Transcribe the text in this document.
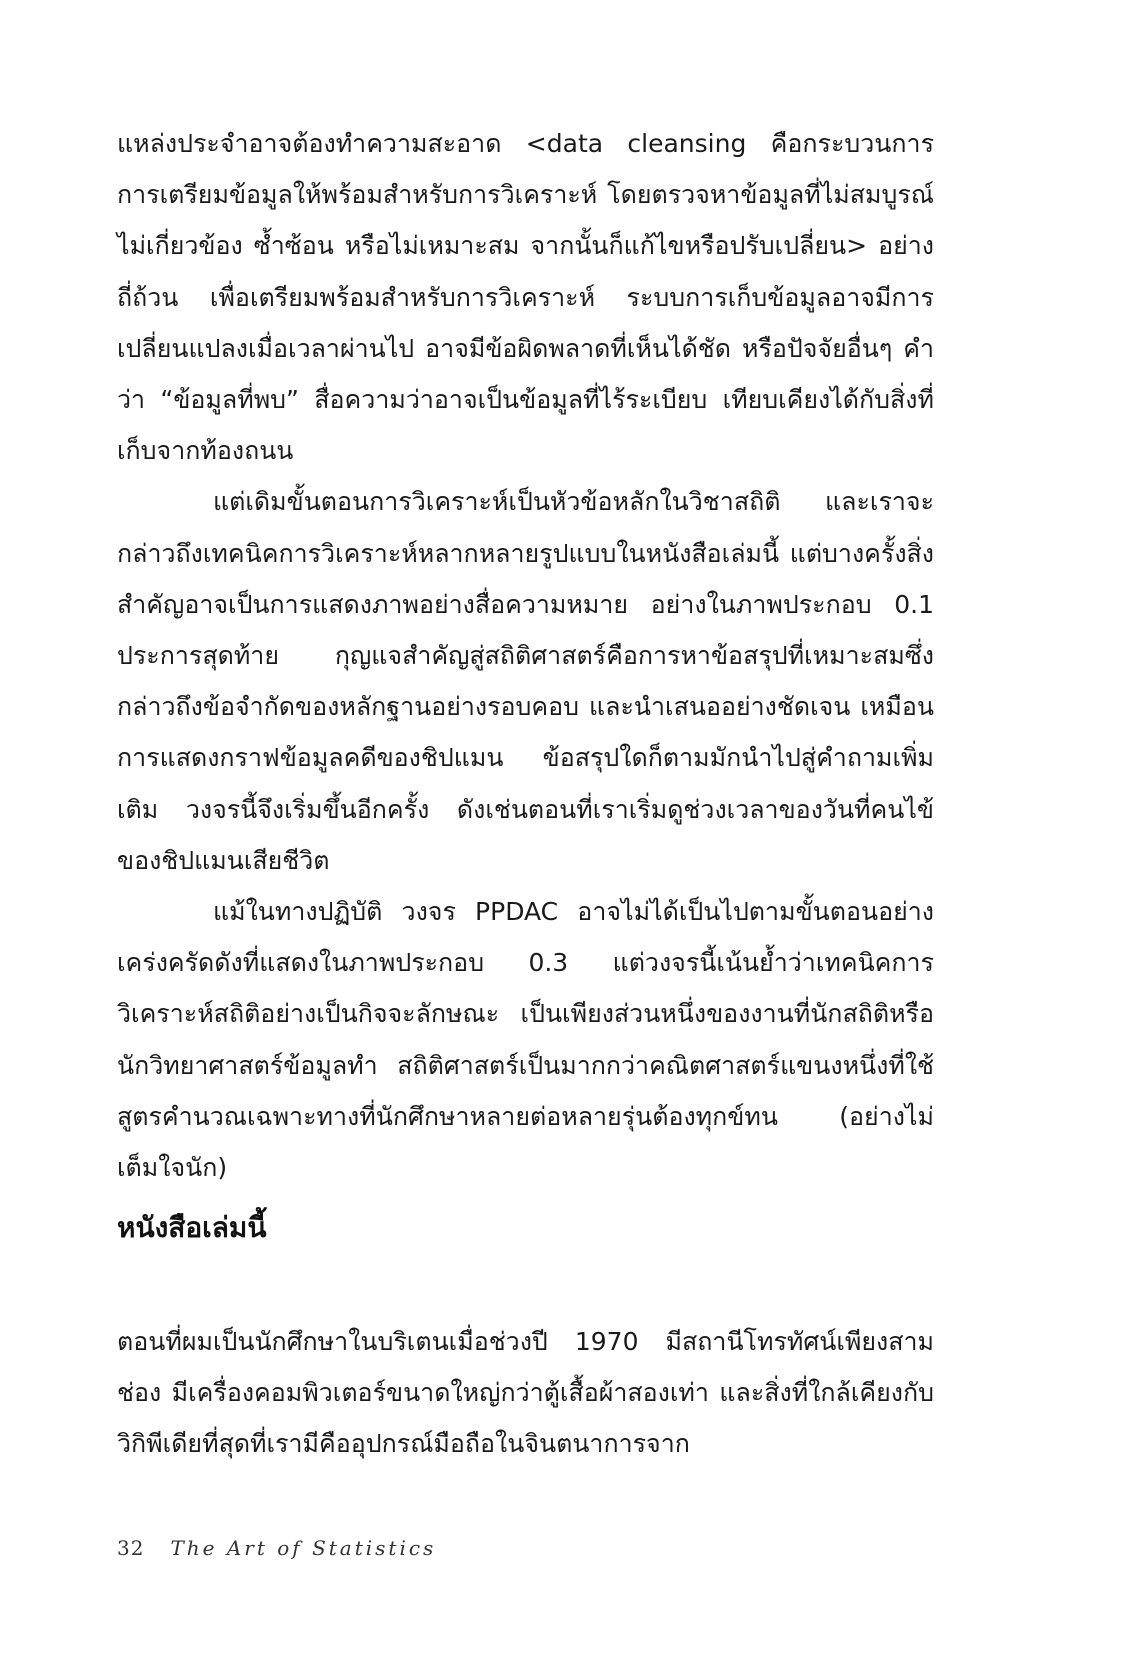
แหล่งประจำอาจต้องทำความสะอาด <data cleansing คือกระบวนการการเตรียมข้อมูลให้พร้อมสำหรับการวิเคราะห์ โดยตรวจหาข้อมูลที่ไม่สมบูรณ์ ไม่เกี่ยวข้อง ซ้ำซ้อน หรือไม่เหมาะสม จากนั้นก็แก้ไขหรือปรับเปลี่ยน> อย่างถี่ถ้วน เพื่อเตรียมพร้อมสำหรับการวิเคราะห์ ระบบการเก็บข้อมูลอาจมีการเปลี่ยนแปลงเมื่อเวลาผ่านไป อาจมีข้อผิดพลาดที่เห็นได้ชัด หรือปัจจัยอื่นๆ คำว่า “ข้อมูลที่พบ” สื่อความว่าอาจเป็นข้อมูลที่ไร้ระเบียบ เทียบเคียงได้กับสิ่งที่เก็บจากท้องถนน

แต่เดิมขั้นตอนการวิเคราะห์เป็นหัวข้อหลักในวิชาสถิติ และเราจะกล่าวถึงเทคนิคการวิเคราะห์หลากหลายรูปแบบในหนังสือเล่มนี้ แต่บางครั้งสิ่งสำคัญอาจเป็นการแสดงภาพอย่างสื่อความหมาย อย่างในภาพประกอบ 0.1 ประการสุดท้าย กุญแจสำคัญสู่สถิติศาสตร์คือการหาข้อสรุปที่เหมาะสมซึ่งกล่าวถึงข้อจำกัดของหลักฐานอย่างรอบคอบ และนำเสนออย่างชัดเจน เหมือนการแสดงกราฟข้อมูลคดีของชิปแมน ข้อสรุปใดก็ตามมักนำไปสู่คำถามเพิ่มเติม วงจรนี้จึงเริ่มขึ้นอีกครั้ง ดังเช่นตอนที่เราเริ่มดูช่วงเวลาของวันที่คนไข้ของชิปแมนเสียชีวิต

แม้ในทางปฏิบัติ วงจร PPDAC อาจไม่ได้เป็นไปตามขั้นตอนอย่างเคร่งครัดดังที่แสดงในภาพประกอบ 0.3 แต่วงจรนี้เน้นย้ำว่าเทคนิคการวิเคราะห์สถิติอย่างเป็นกิจจะลักษณะ เป็นเพียงส่วนหนึ่งของงานที่นักสถิติหรือนักวิทยาศาสตร์ข้อมูลทำ สถิติศาสตร์เป็นมากกว่าคณิตศาสตร์แขนงหนึ่งที่ใช้สูตรคำนวณเฉพาะทางที่นักศึกษาหลายต่อหลายรุ่นต้องทุกข์ทน (อย่างไม่เต็มใจนัก)

หนังสือเล่มนี้

ตอนที่ผมเป็นนักศึกษาในบริเตนเมื่อช่วงปี 1970 มีสถานีโทรทัศน์เพียงสามช่อง มีเครื่องคอมพิวเตอร์ขนาดใหญ่กว่าตู้เสื้อผ้าสองเท่า และสิ่งที่ใกล้เคียงกับวิกิพีเดียที่สุดที่เรามีคืออุปกรณ์มือถือในจินตนาการจาก

32 The Art of Statistics
